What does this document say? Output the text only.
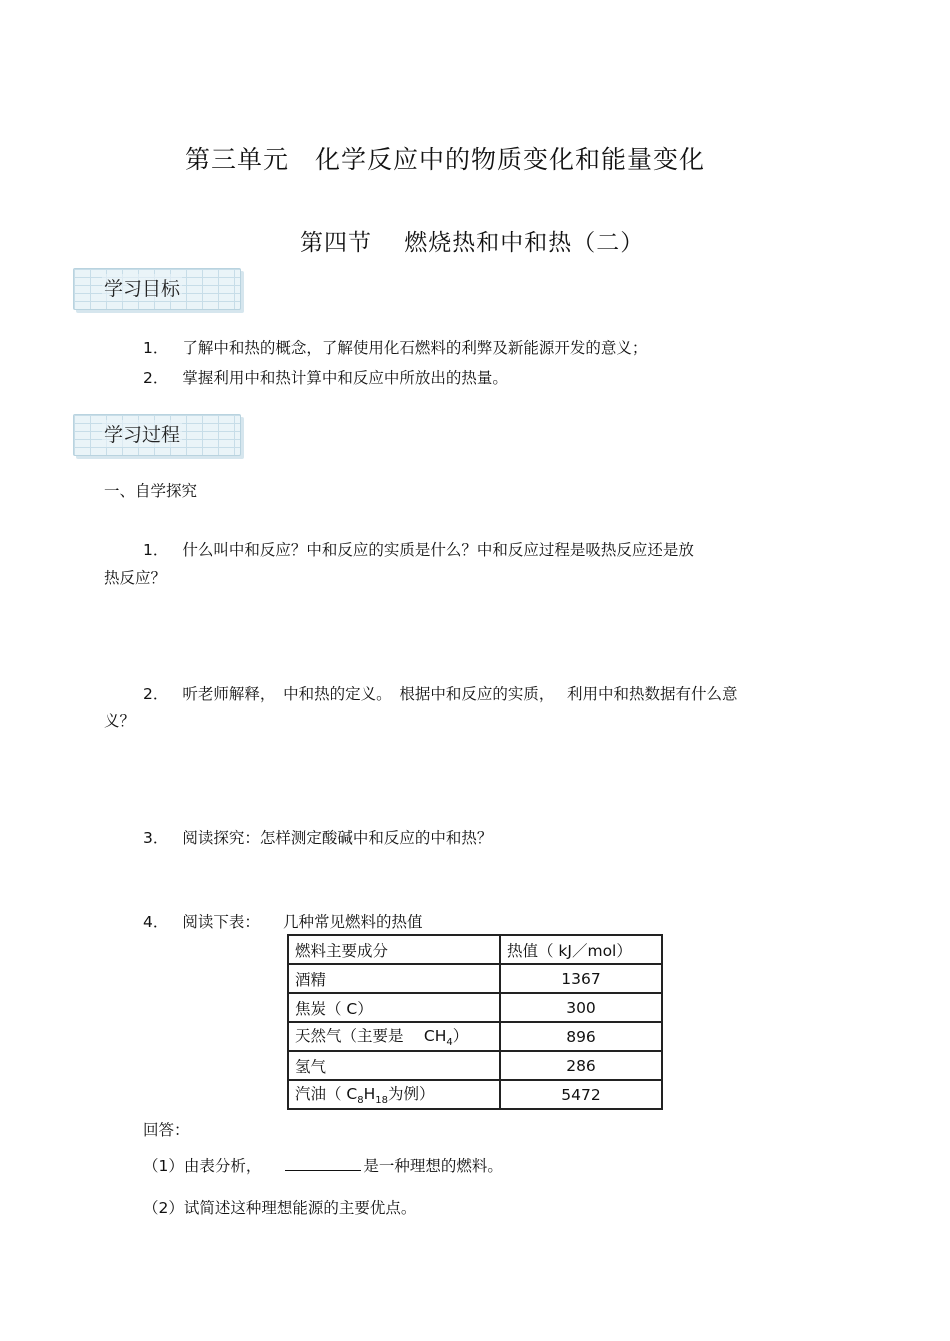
第三单元　化学反应中的物质变化和能量变化
第四节　 燃烧热和中和热（二）
学习目标
1． 了解中和热的概念，了解使用化石燃料的利弊及新能源开发的意义；
2． 掌握利用中和热计算中和反应中所放出的热量。
学习过程
一、自学探究
1． 什么叫中和反应？中和反应的实质是什么？中和反应过程是吸热反应还是放
热反应？
2． 听老师解释，　中和热的定义。　根据中和反应的实质，　 利用中和热数据有什么意
义？
3． 阅读探究：怎样测定酸碱中和反应的中和热？
4． 阅读下表： 几种常见燃料的热值
燃料主要成分	热值（ kJ／mol）
酒精	1367
焦炭（ C）	300
天然气（主要是　 $CH_4$）	896
氢气	286
汽油（ $C_8H_{18}$为例）	5472
回答：
（1）由表分析，	是一种理想的燃料。
（2）试简述这种理想能源的主要优点。
